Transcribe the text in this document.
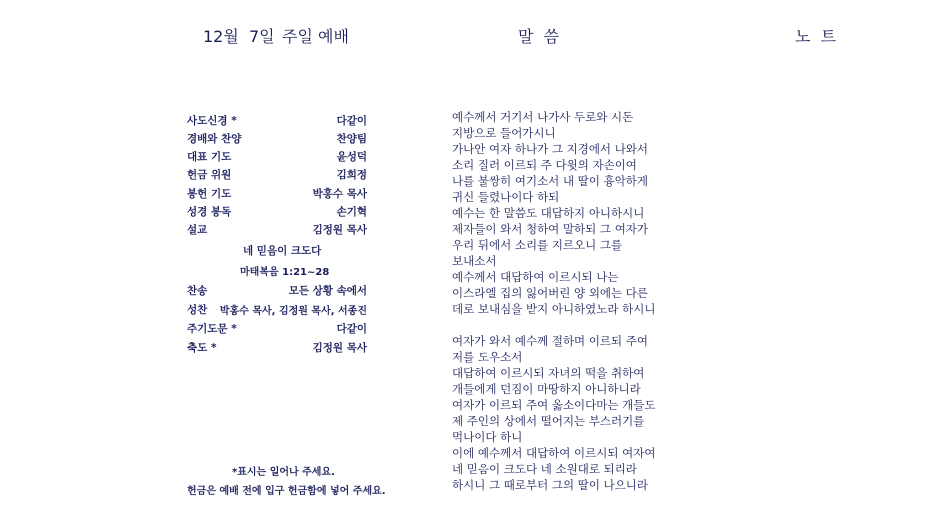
12월  7일 주일 예배	말  씀	노  트
사도신경 *	다같이
경배와 찬양	찬양팀
대표 기도	윤성덕
헌금 위원	김희정
봉헌 기도	박홍수 목사
성경 봉독	손기혁
설교	김정원 목사
네 믿음이 크도다
마태복음 1:21~28
찬송	모든 상황 속에서
성찬 박홍수 목사, 김정원 목사, 서종진
주기도문 *	다같이
축도 *	김정원 목사
*표시는 일어나 주세요.
헌금은 예배 전에 입구 헌금함에 넣어 주세요.
예수께서 거기서 나가사 두로와 시돈
지방으로 들어가시니
가나안 여자 하나가 그 지경에서 나와서
소리 질러 이르되 주 다윗의 자손이여
나를 불쌍히 여기소서 내 딸이 흉악하게
귀신 들렸나이다 하되
예수는 한 말씀도 대답하지 아니하시니
제자들이 와서 청하여 말하되 그 여자가
우리 뒤에서 소리를 지르오니 그를
보내소서
예수께서 대답하여 이르시되 나는
이스라엘 집의 잃어버린 양 외에는 다른
데로 보내심을 받지 아니하였노라 하시니
여자가 와서 예수께 절하며 이르되 주여
저를 도우소서
대답하여 이르시되 자녀의 떡을 취하여
개들에게 던짐이 마땅하지 아니하니라
여자가 이르되 주여 옳소이다마는 개들도
제 주인의 상에서 떨어지는 부스러기를
먹나이다 하니
이에 예수께서 대답하여 이르시되 여자여
네 믿음이 크도다 네 소원대로 되리라
하시니 그 때로부터 그의 딸이 나으니라
